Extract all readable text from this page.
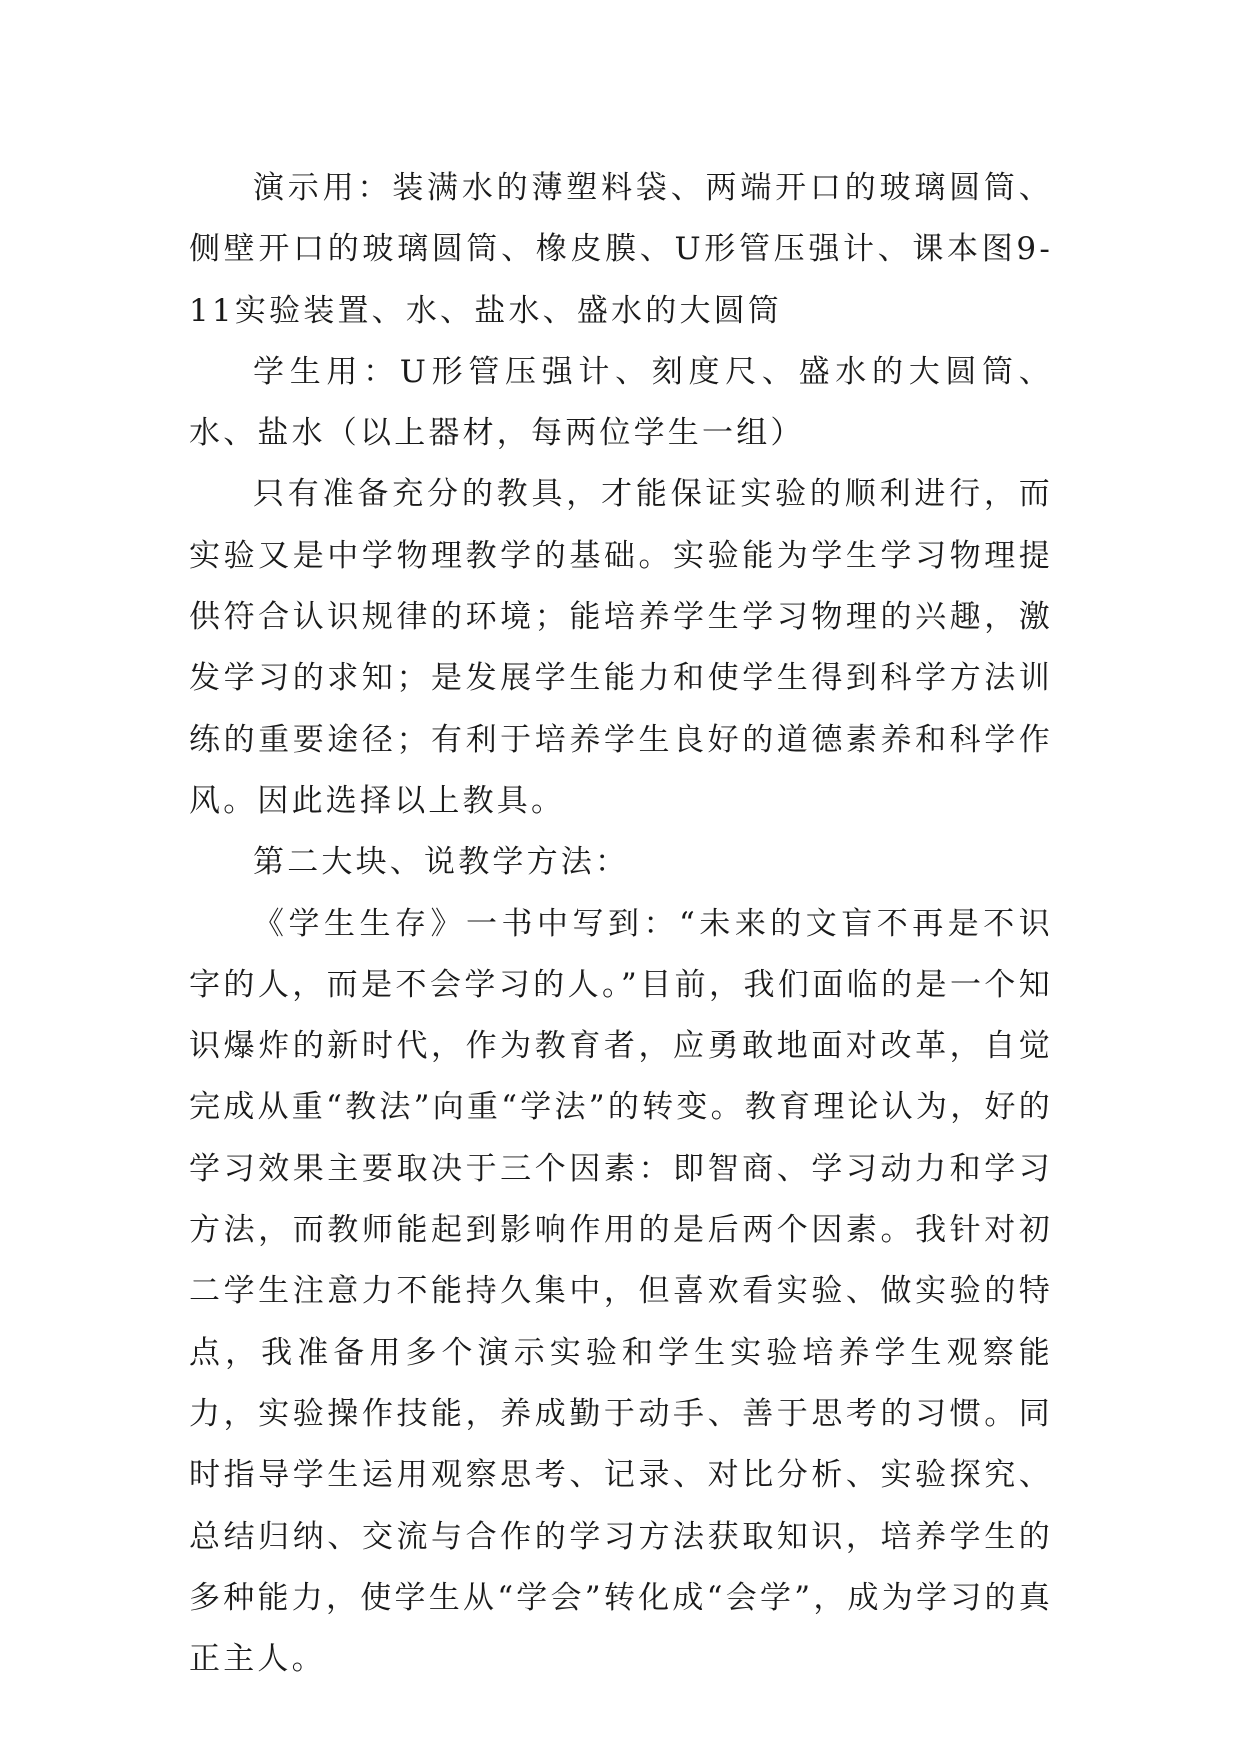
演示用：装满水的薄塑料袋、两端开口的玻璃圆筒、侧壁开口的玻璃圆筒、橡皮膜、U形管压强计、课本图9-11实验装置、水、盐水、盛水的大圆筒

学生用：U形管压强计、刻度尺、盛水的大圆筒、水、盐水（以上器材，每两位学生一组）

只有准备充分的教具，才能保证实验的顺利进行，而实验又是中学物理教学的基础。实验能为学生学习物理提供符合认识规律的环境；能培养学生学习物理的兴趣，激发学习的求知；是发展学生能力和使学生得到科学方法训练的重要途径；有利于培养学生良好的道德素养和科学作风。因此选择以上教具。

第二大块、说教学方法：

《学生生存》一书中写到：“未来的文盲不再是不识字的人，而是不会学习的人。”目前，我们面临的是一个知识爆炸的新时代，作为教育者，应勇敢地面对改革，自觉完成从重“教法”向重“学法”的转变。教育理论认为，好的学习效果主要取决于三个因素：即智商、学习动力和学习方法，而教师能起到影响作用的是后两个因素。我针对初二学生注意力不能持久集中，但喜欢看实验、做实验的特点，我准备用多个演示实验和学生实验培养学生观察能力，实验操作技能，养成勤于动手、善于思考的习惯。同时指导学生运用观察思考、记录、对比分析、实验探究、总结归纳、交流与合作的学习方法获取知识，培养学生的多种能力，使学生从“学会”转化成“会学”，成为学习的真正主人。
